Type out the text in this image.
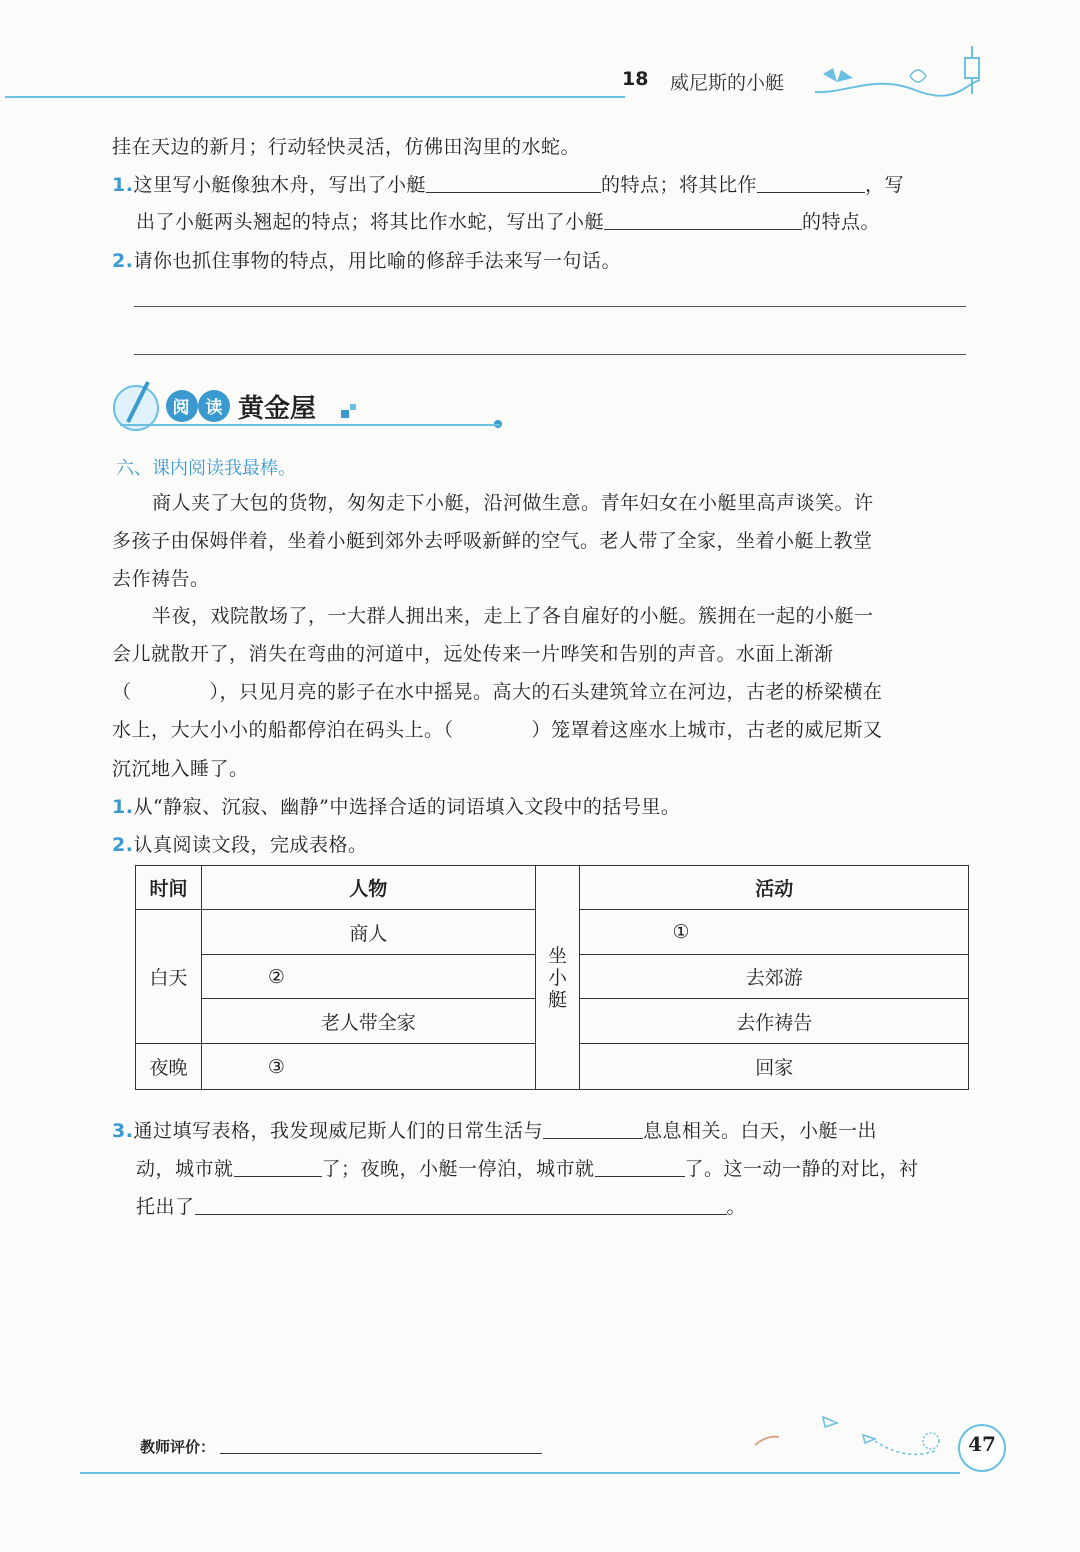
18 威尼斯的小艇
挂在天边的新月；行动轻快灵活，仿佛田沟里的水蛇。
1.这里写小艇像独木舟，写出了小艇	的特点；将其比作	，写
出了小艇两头翘起的特点；将其比作水蛇，写出了小艇	的特点。
2.请你也抓住事物的特点，用比喻的修辞手法来写一句话。
阅 读 黄金屋
六、课内阅读我最棒。
商人夹了大包的货物，匆匆走下小艇，沿河做生意。青年妇女在小艇里高声谈笑。许
多孩子由保姆伴着，坐着小艇到郊外去呼吸新鲜的空气。老人带了全家，坐着小艇上教堂
去作祷告。
半夜，戏院散场了，一大群人拥出来，走上了各自雇好的小艇。簇拥在一起的小艇一
会儿就散开了，消失在弯曲的河道中，远处传来一片哗笑和告别的声音。水面上渐渐
（	），只见月亮的影子在水中摇晃。高大的石头建筑耸立在河边，古老的桥梁横在
水上，大大小小的船都停泊在码头上。（	）笼罩着这座水上城市，古老的威尼斯又
沉沉地入睡了。
1.从“静寂、沉寂、幽静”中选择合适的词语填入文段中的括号里。
2.认真阅读文段，完成表格。
时间	人物	坐小艇	活动
白天	商人		①
	②		去郊游
	老人带全家		去作祷告
夜晚	③		回家
3.通过填写表格，我发现威尼斯人们的日常生活与	息息相关。白天，小艇一出
动，城市就	了；夜晚，小艇一停泊，城市就	了。这一动一静的对比，衬
托出了	。
教师评价：	47
